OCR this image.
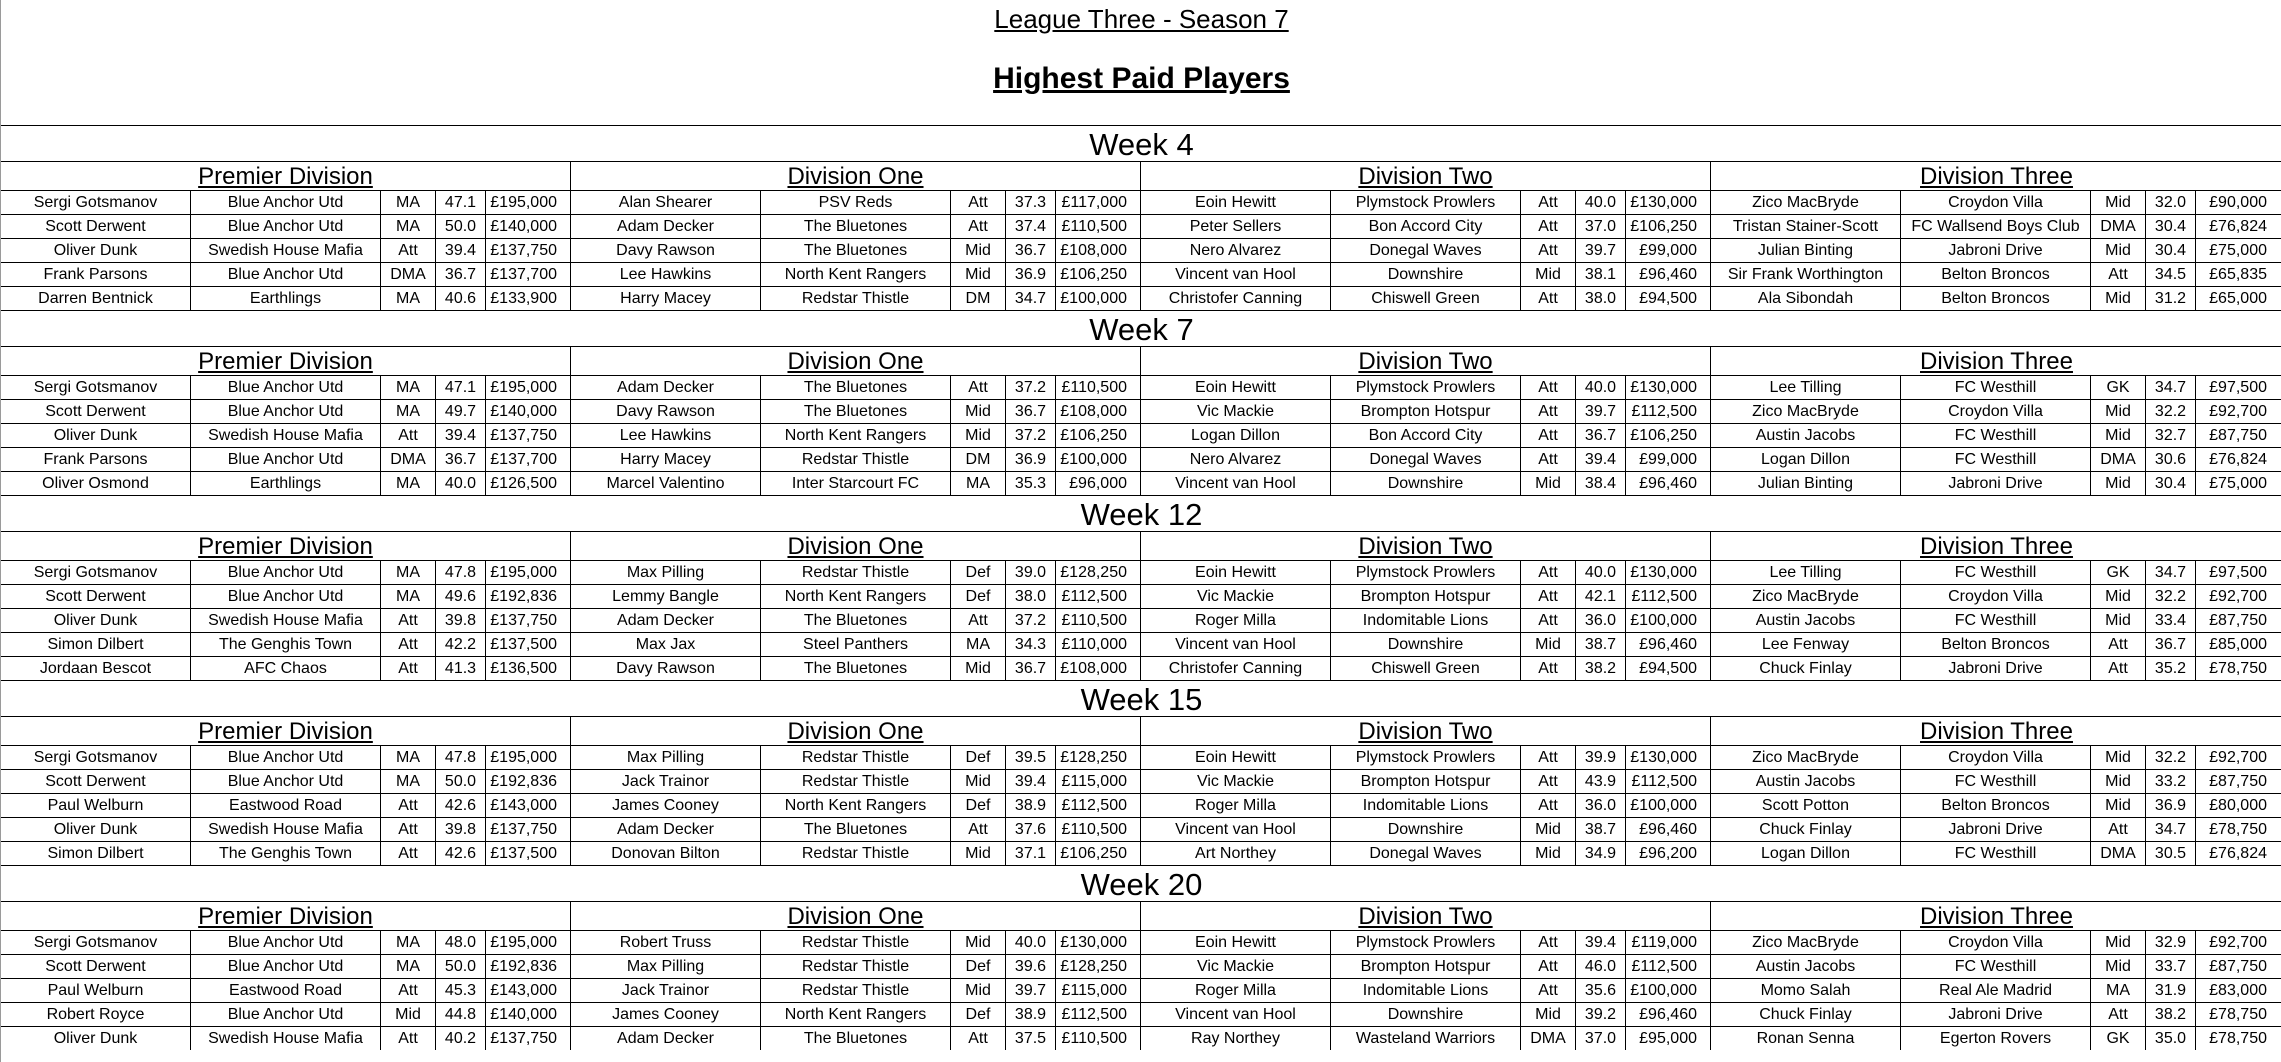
League Three - Season 7
Highest Paid Players
Week 4
Premier Division
Sergi Gotsmanov	Blue Anchor Utd	MA	47.1 £195,000
Scott Derwent	Blue Anchor Utd	MA	50.0 £140,000
Oliver Dunk	Swedish House Mafia	Att	39.4 £137,750
Frank Parsons	Blue Anchor Utd	DMA	36.7 £137,700
Darren Bentnick	Earthlings	MA	40.6 £133,900
Division One
Alan Shearer	PSV Reds	Att	37.3 £117,000
Adam Decker	The Bluetones	Att	37.4 £110,500
Davy Rawson	The Bluetones	Mid	36.7 £108,000
Lee Hawkins	North Kent Rangers	Mid	36.9 £106,250
Harry Macey	Redstar Thistle	DM	34.7 £100,000
Division Two
Eoin Hewitt	Plymstock Prowlers	Att	40.0 £130,000
Peter Sellers	Bon Accord City	Att	37.0 £106,250
Nero Alvarez	Donegal Waves	Att	39.7	£99,000
Vincent van Hool	Downshire	Mid	38.1	£96,460
Christofer Canning	Chiswell Green	Att	38.0	£94,500
Division Three
Zico MacBryde	Croydon Villa	Mid	32.0	£90,000
Tristan Stainer-Scott	FC Wallsend Boys Club	DMA	30.4	£76,824
Julian Binting	Jabroni Drive	Mid	30.4	£75,000
Sir Frank Worthington	Belton Broncos	Att	34.5	£65,835
Ala Sibondah	Belton Broncos	Mid	31.2	£65,000
Week 7
Premier Division
Sergi Gotsmanov	Blue Anchor Utd	MA	47.1 £195,000
Scott Derwent	Blue Anchor Utd	MA	49.7 £140,000
Oliver Dunk	Swedish House Mafia	Att	39.4 £137,750
Frank Parsons	Blue Anchor Utd	DMA	36.7 £137,700
Oliver Osmond	Earthlings	MA	40.0 £126,500
Division One
Adam Decker	The Bluetones	Att	37.2 £110,500
Davy Rawson	The Bluetones	Mid	36.7 £108,000
Lee Hawkins	North Kent Rangers	Mid	37.2 £106,250
Harry Macey	Redstar Thistle	DM	36.9 £100,000
Marcel Valentino	Inter Starcourt FC	MA	35.3	£96,000
Division Two
Eoin Hewitt	Plymstock Prowlers	Att	40.0 £130,000
Vic Mackie	Brompton Hotspur	Att	39.7 £112,500
Logan Dillon	Bon Accord City	Att	36.7 £106,250
Nero Alvarez	Donegal Waves	Att	39.4	£99,000
Vincent van Hool	Downshire	Mid	38.4	£96,460
Division Three
Lee Tilling	FC Westhill	GK	34.7	£97,500
Zico MacBryde	Croydon Villa	Mid	32.2	£92,700
Austin Jacobs	FC Westhill	Mid	32.7	£87,750
Logan Dillon	FC Westhill	DMA	30.6	£76,824
Julian Binting	Jabroni Drive	Mid	30.4	£75,000
Week 12
Premier Division
Sergi Gotsmanov	Blue Anchor Utd	MA	47.8 £195,000
Scott Derwent	Blue Anchor Utd	MA	49.6 £192,836
Oliver Dunk	Swedish House Mafia	Att	39.8 £137,750
Simon Dilbert	The Genghis Town	Att	42.2 £137,500
Jordaan Bescot	AFC Chaos	Att	41.3 £136,500
Division One
Max Pilling	Redstar Thistle	Def	39.0 £128,250
Lemmy Bangle	North Kent Rangers	Def	38.0 £112,500
Adam Decker	The Bluetones	Att	37.2 £110,500
Max Jax	Steel Panthers	MA	34.3 £110,000
Davy Rawson	The Bluetones	Mid	36.7 £108,000
Division Two
Eoin Hewitt	Plymstock Prowlers	Att	40.0 £130,000
Vic Mackie	Brompton Hotspur	Att	42.1 £112,500
Roger Milla	Indomitable Lions	Att	36.0 £100,000
Vincent van Hool	Downshire	Mid	38.7	£96,460
Christofer Canning	Chiswell Green	Att	38.2	£94,500
Division Three
Lee Tilling	FC Westhill	GK	34.7	£97,500
Zico MacBryde	Croydon Villa	Mid	32.2	£92,700
Austin Jacobs	FC Westhill	Mid	33.4	£87,750
Lee Fenway	Belton Broncos	Att	36.7	£85,000
Chuck Finlay	Jabroni Drive	Att	35.2	£78,750
Week 15
Premier Division
Sergi Gotsmanov	Blue Anchor Utd	MA	47.8 £195,000
Scott Derwent	Blue Anchor Utd	MA	50.0 £192,836
Paul Welburn	Eastwood Road	Att	42.6 £143,000
Oliver Dunk	Swedish House Mafia	Att	39.8 £137,750
Simon Dilbert	The Genghis Town	Att	42.6 £137,500
Division One
Max Pilling	Redstar Thistle	Def	39.5 £128,250
Jack Trainor	Redstar Thistle	Mid	39.4 £115,000
James Cooney	North Kent Rangers	Def	38.9 £112,500
Adam Decker	The Bluetones	Att	37.6 £110,500
Donovan Bilton	Redstar Thistle	Mid	37.1 £106,250
Division Two
Eoin Hewitt	Plymstock Prowlers	Att	39.9 £130,000
Vic Mackie	Brompton Hotspur	Att	43.9 £112,500
Roger Milla	Indomitable Lions	Att	36.0 £100,000
Vincent van Hool	Downshire	Mid	38.7	£96,460
Art Northey	Donegal Waves	Mid	34.9	£96,200
Division Three
Zico MacBryde	Croydon Villa	Mid	32.2	£92,700
Austin Jacobs	FC Westhill	Mid	33.2	£87,750
Scott Potton	Belton Broncos	Mid	36.9	£80,000
Chuck Finlay	Jabroni Drive	Att	34.7	£78,750
Logan Dillon	FC Westhill	DMA	30.5	£76,824
Week 20
Premier Division
Sergi Gotsmanov	Blue Anchor Utd	MA	48.0 £195,000
Scott Derwent	Blue Anchor Utd	MA	50.0 £192,836
Paul Welburn	Eastwood Road	Att	45.3 £143,000
Robert Royce	Blue Anchor Utd	Mid	44.8 £140,000
Oliver Dunk	Swedish House Mafia	Att	40.2 £137,750
Division One
Robert Truss	Redstar Thistle	Mid	40.0 £130,000
Max Pilling	Redstar Thistle	Def	39.6 £128,250
Jack Trainor	Redstar Thistle	Mid	39.7 £115,000
James Cooney	North Kent Rangers	Def	38.9 £112,500
Adam Decker	The Bluetones	Att	37.5 £110,500
Division Two
Eoin Hewitt	Plymstock Prowlers	Att	39.4 £119,000
Vic Mackie	Brompton Hotspur	Att	46.0 £112,500
Roger Milla	Indomitable Lions	Att	35.6 £100,000
Vincent van Hool	Downshire	Mid	39.2	£96,460
Ray Northey	Wasteland Warriors	DMA	37.0	£95,000
Division Three
Zico MacBryde	Croydon Villa	Mid	32.9	£92,700
Austin Jacobs	FC Westhill	Mid	33.7	£87,750
Momo Salah	Real Ale Madrid	MA	31.9	£83,000
Chuck Finlay	Jabroni Drive	Att	38.2	£78,750
Ronan Senna	Egerton Rovers	GK	35.0	£78,750
